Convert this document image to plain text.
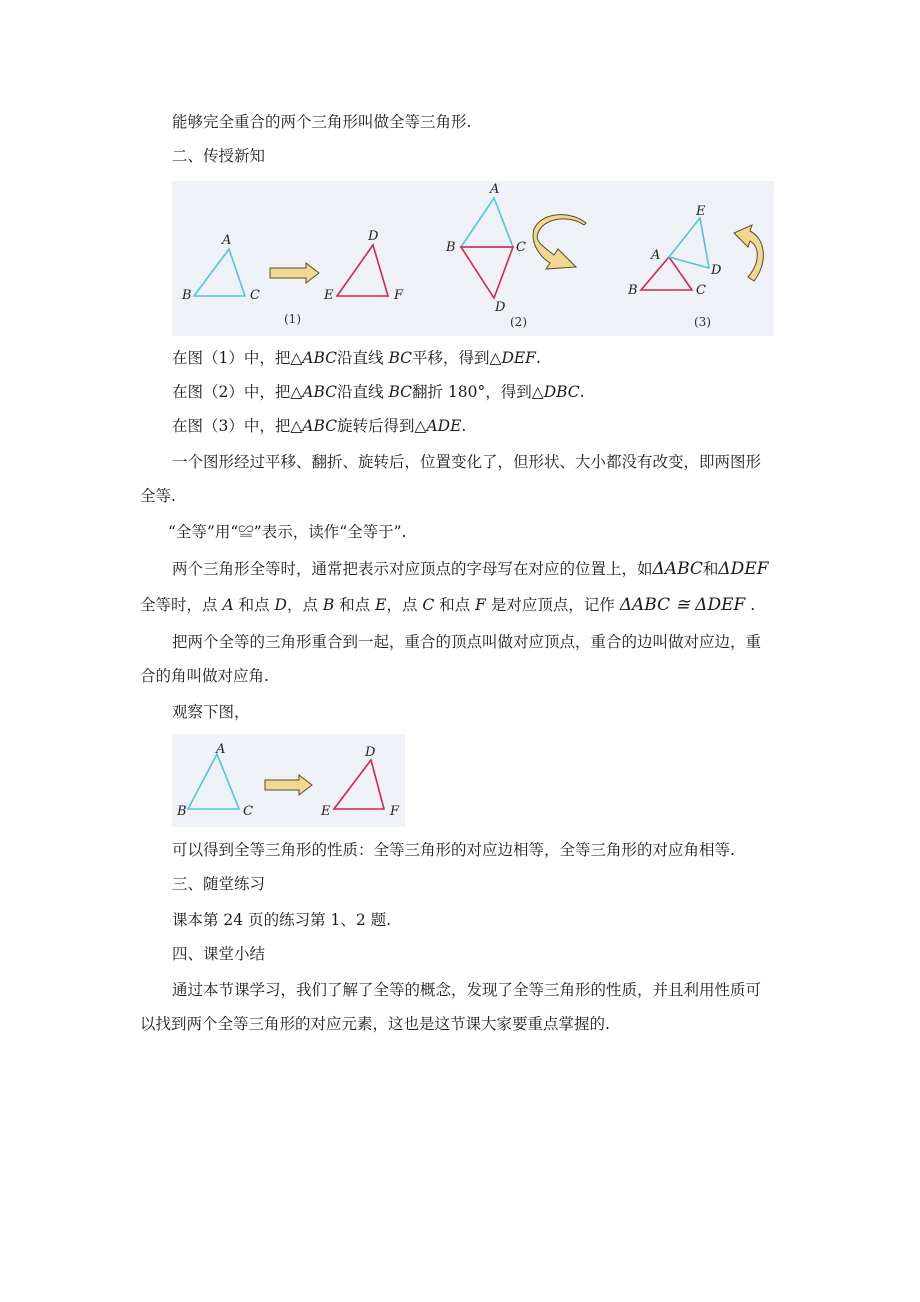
能够完全重合的两个三角形叫做全等三角形.

二、传授新知

A
B	C
D
E	F
(1)
A
B	C
D
(2)
E
A
D
B	C
(3)

在图（1）中，把△ABC沿直线 BC平移，得到△DEF.

在图（2）中，把△ABC沿直线 BC翻折 180°，得到△DBC.

在图（3）中，把△ABC旋转后得到△ADE.

一个图形经过平移、翻折、旋转后，位置变化了，但形状、大小都没有改变，即两图形

全等.

“全等”用“≌”表示，读作“全等于”.

两个三角形全等时，通常把表示对应顶点的字母写在对应的位置上，如ΔABC和ΔDEF

全等时，点 A 和点 D，点 B 和点 E，点 C 和点 F 是对应顶点，记作 ΔABC ≅ ΔDEF .

把两个全等的三角形重合到一起，重合的顶点叫做对应顶点，重合的边叫做对应边，重

合的角叫做对应角.

观察下图，

A
B	C
D
E	F

可以得到全等三角形的性质：全等三角形的对应边相等，全等三角形的对应角相等.

三、随堂练习

课本第 24 页的练习第 1、2 题.

四、课堂小结

通过本节课学习，我们了解了全等的概念，发现了全等三角形的性质，并且利用性质可

以找到两个全等三角形的对应元素，这也是这节课大家要重点掌握的.
